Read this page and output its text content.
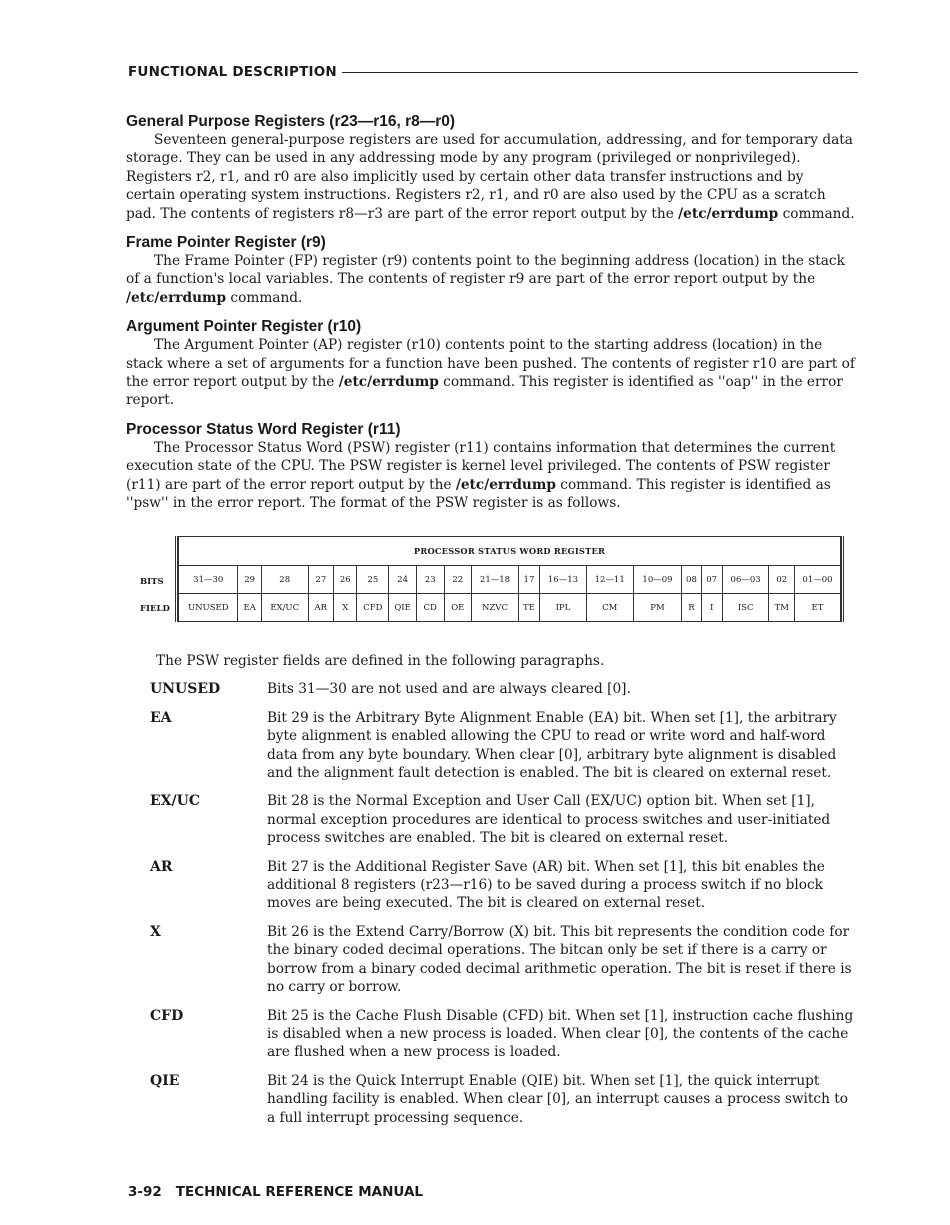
FUNCTIONAL DESCRIPTION
General Purpose Registers (r23—r16, r8—r0)

Seventeen general-purpose registers are used for accumulation, addressing, and for temporary data storage. They can be used in any addressing mode by any program (privileged or nonprivileged). Registers r2, r1, and r0 are also implicitly used by certain other data transfer instructions and by certain operating system instructions. Registers r2, r1, and r0 are also used by the CPU as a scratch pad. The contents of registers r8—r3 are part of the error report output by the /etc/errdump command.

Frame Pointer Register (r9)

The Frame Pointer (FP) register (r9) contents point to the beginning address (location) in the stack of a function's local variables. The contents of register r9 are part of the error report output by the /etc/errdump command.

Argument Pointer Register (r10)

The Argument Pointer (AP) register (r10) contents point to the starting address (location) in the stack where a set of arguments for a function have been pushed. The contents of register r10 are part of the error report output by the /etc/errdump command. This register is identified as ''oap'' in the error report.

Processor Status Word Register (r11)

The Processor Status Word (PSW) register (r11) contains information that determines the current execution state of the CPU. The PSW register is kernel level privileged. The contents of PSW register (r11) are part of the error report output by the /etc/errdump command. This register is identified as ''psw'' in the error report. The format of the PSW register is as follows.

BITS
FIELD
PROCESSOR STATUS WORD REGISTER																		
31—30	29	28	27	26	25	24	23	22	21—18	17	16—13	12—11	10—09	08	07	06—03	02	01—00
UNUSED	EA	EX/UC	AR	X	CFD	QIE	CD	OE	NZVC	TE	IPL	CM	PM	R	I	ISC	TM	ET

The PSW register fields are defined in the following paragraphs.

UNUSED	Bits 31—30 are not used and are always cleared [0].
EA	Bit 29 is the Arbitrary Byte Alignment Enable (EA) bit. When set [1], the arbitrary byte alignment is enabled allowing the CPU to read or write word and half-word data from any byte boundary. When clear [0], arbitrary byte alignment is disabled and the alignment fault detection is enabled. The bit is cleared on external reset.
EX/UC	Bit 28 is the Normal Exception and User Call (EX/UC) option bit. When set [1], normal exception procedures are identical to process switches and user-initiated process switches are enabled. The bit is cleared on external reset.
AR	Bit 27 is the Additional Register Save (AR) bit. When set [1], this bit enables the additional 8 registers (r23—r16) to be saved during a process switch if no block moves are being executed. The bit is cleared on external reset.
X	Bit 26 is the Extend Carry/Borrow (X) bit. This bit represents the condition code for the binary coded decimal operations. The bitcan only be set if there is a carry or borrow from a binary coded decimal arithmetic operation. The bit is reset if there is no carry or borrow.
CFD	Bit 25 is the Cache Flush Disable (CFD) bit. When set [1], instruction cache flushing is disabled when a new process is loaded. When clear [0], the contents of the cache are flushed when a new process is loaded.
QIE	Bit 24 is the Quick Interrupt Enable (QIE) bit. When set [1], the quick interrupt handling facility is enabled. When clear [0], an interrupt causes a process switch to a full interrupt processing sequence.
3-92 TECHNICAL REFERENCE MANUAL
